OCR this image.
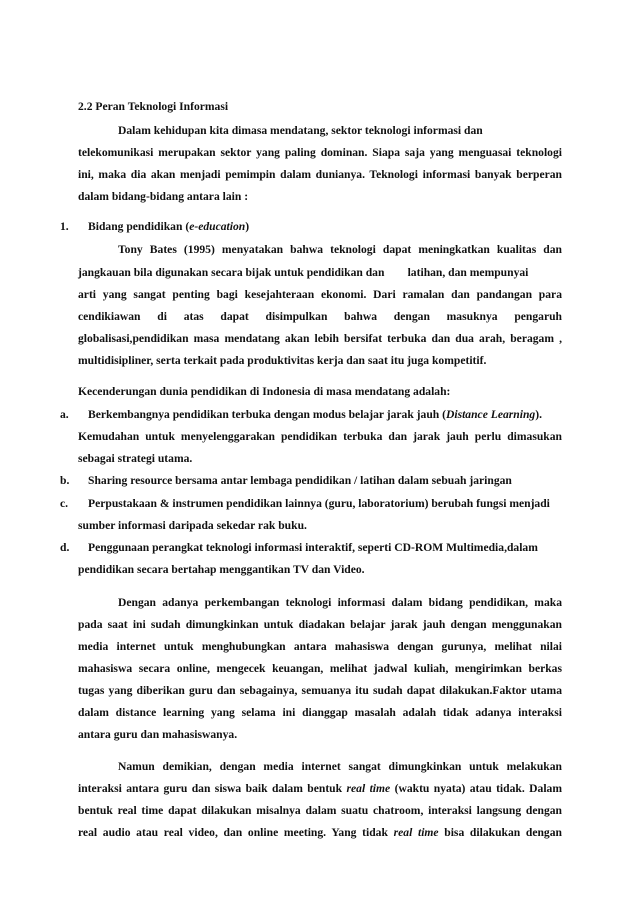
2.2 Peran Teknologi Informasi
Dalam kehidupan kita dimasa mendatang, sektor teknologi informasi dan
telekomunikasi merupakan sektor yang paling dominan. Siapa saja yang menguasai teknologi
ini, maka dia akan menjadi pemimpin dalam dunianya. Teknologi informasi banyak berperan
dalam bidang-bidang antara lain :
1. Bidang pendidikan (e-education)
Tony Bates (1995) menyatakan bahwa teknologi dapat meningkatkan kualitas dan
jangkauan bila digunakan secara bijak untuk pendidikan dan        latihan, dan mempunyai
arti yang sangat penting bagi kesejahteraan ekonomi. Dari ramalan dan pandangan para
cendikiawan di atas dapat disimpulkan bahwa dengan masuknya pengaruh
globalisasi,pendidikan masa mendatang akan lebih bersifat terbuka dan dua arah, beragam ,
multidisipliner, serta terkait pada produktivitas kerja dan saat itu juga kompetitif.
Kecenderungan dunia pendidikan di Indonesia di masa mendatang adalah:
a. Berkembangnya pendidikan terbuka dengan modus belajar jarak jauh (Distance Learning).
Kemudahan untuk menyelenggarakan pendidikan terbuka dan jarak jauh perlu dimasukan
sebagai strategi utama.
b. Sharing resource bersama antar lembaga pendidikan / latihan dalam sebuah jaringan
c. Perpustakaan & instrumen pendidikan lainnya (guru, laboratorium) berubah fungsi menjadi
sumber informasi daripada sekedar rak buku.
d. Penggunaan perangkat teknologi informasi interaktif, seperti CD-ROM Multimedia,dalam
pendidikan secara bertahap menggantikan TV dan Video.
Dengan adanya perkembangan teknologi informasi dalam bidang pendidikan, maka
pada saat ini sudah dimungkinkan untuk diadakan belajar jarak jauh dengan menggunakan
media internet untuk menghubungkan antara mahasiswa dengan gurunya, melihat nilai
mahasiswa secara online, mengecek keuangan, melihat jadwal kuliah, mengirimkan berkas
tugas yang diberikan guru dan sebagainya, semuanya itu sudah dapat dilakukan.Faktor utama
dalam distance learning yang selama ini dianggap masalah adalah tidak adanya interaksi
antara guru dan mahasiswanya.
Namun demikian, dengan media internet sangat dimungkinkan untuk melakukan
interaksi antara guru dan siswa baik dalam bentuk real time (waktu nyata) atau tidak. Dalam
bentuk real time dapat dilakukan misalnya dalam suatu chatroom, interaksi langsung dengan
real audio atau real video, dan online meeting. Yang tidak real time bisa dilakukan dengan
